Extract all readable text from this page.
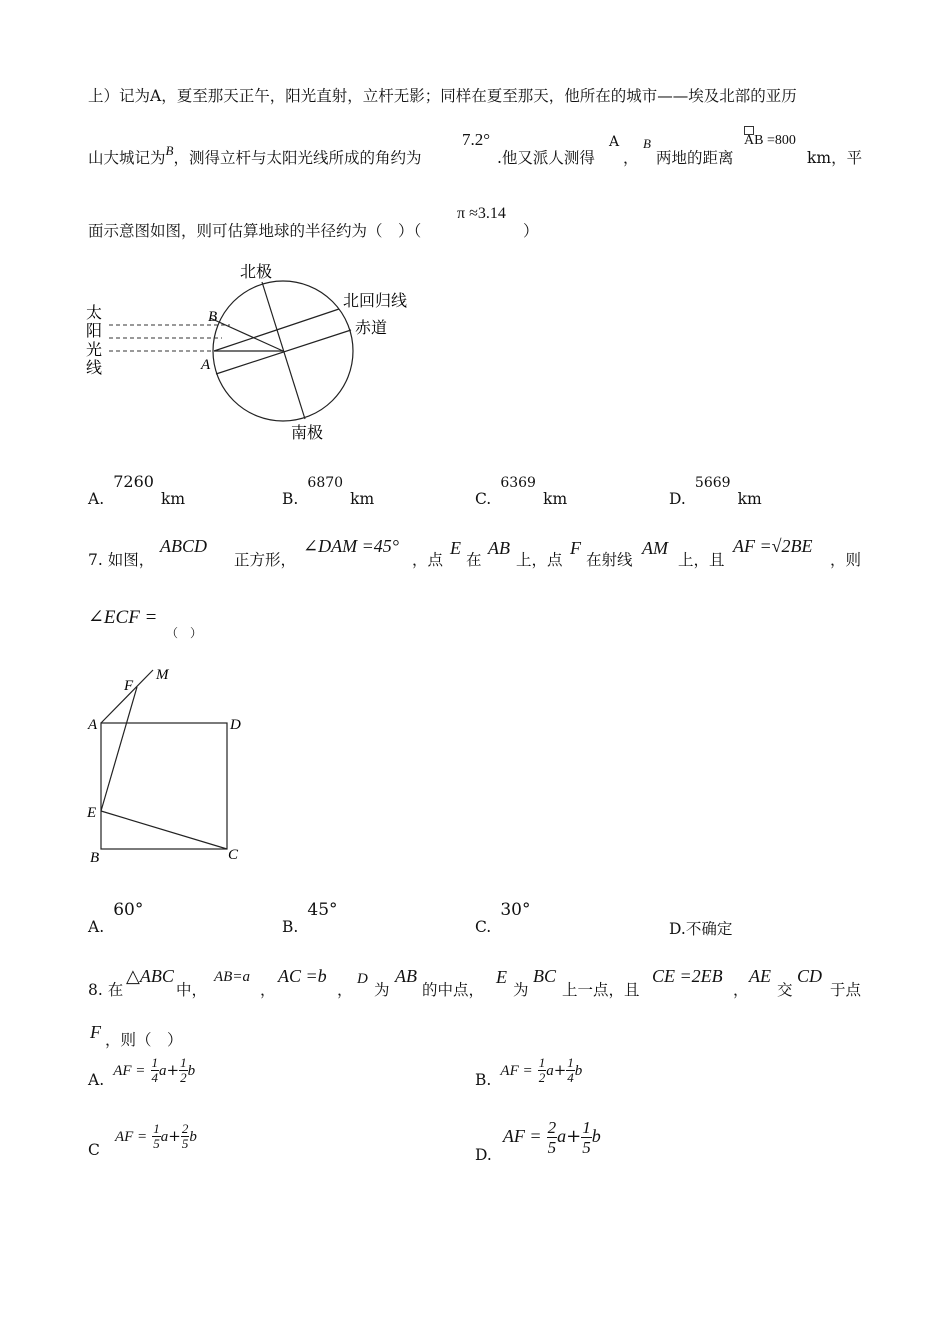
上）记为A，夏至那天正午，阳光直射，立杆无影；同样在夏至那天，他所在的城市——埃及北部的亚历
山大城记为$^B$，测得立杆与太阳光线所成的角约为
7.2°
.他又派人测得
A
，
B
两地的距离
AB =800
km，平
面示意图如图，则可估算地球的半径约为（　）（
π ≈3.14
）
北极
南极
北回归线
赤道
太
阳
光
线
B
A
A. 7260 km	B. 6870 km	C. 6369 km	D. 5669 km
7. 如图，
ABCD
正方形，
∠DAM =45°
，点
E
在
AB
上，点
F
在射线
AM
上，且
AF =√2BE
，则
∠ECF =
（　）
M
F
A	D
E
B	C
A. 60°
B. 45°
C. 30°
D.不确定
8. 在
△ABC
中，
AB=a
，
AC =b
，
D
为
AB
的中点，
E
为
BC
上一点，且
CE =2EB
，
AE
交
CD
于点
F ，则（　）
A. AF = $\frac{1}{4} a+ \frac{1}{2}$ b	B. AF = $\frac{1}{2} a+ \frac{1}{4}$ b
C AF = $\frac{1}{5} a+ \frac{2}{5}$ b
D. AF = $\frac{2}{5} a+ \frac{1}{5}$ b
